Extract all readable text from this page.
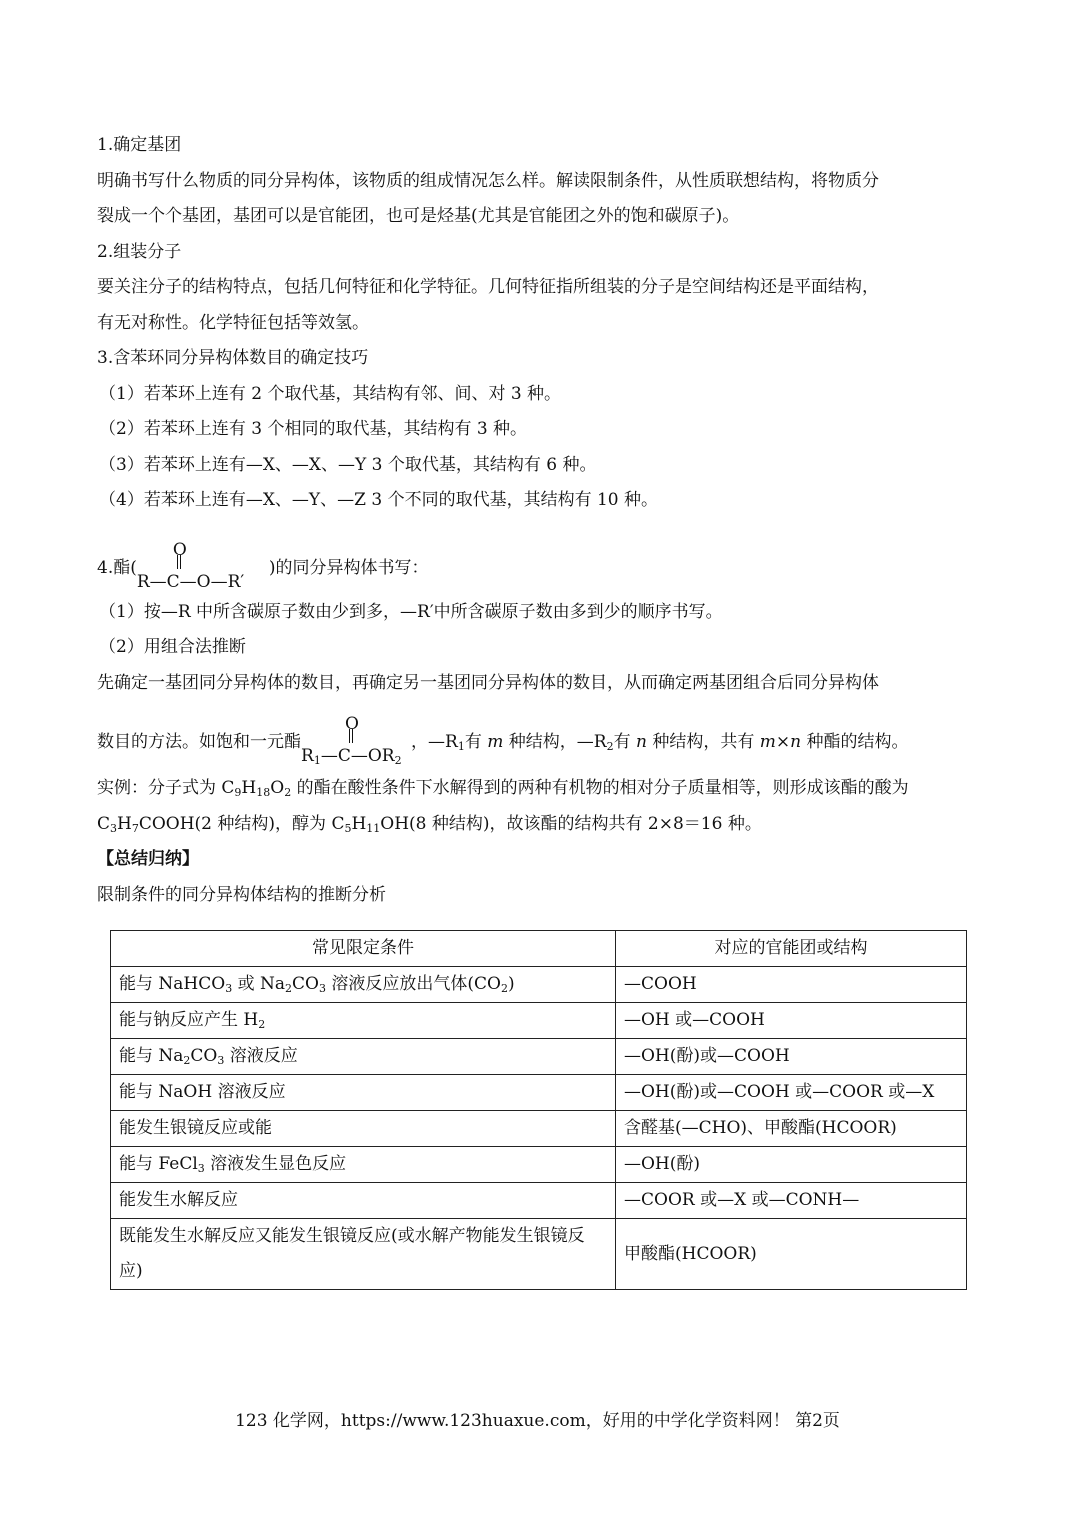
1.确定基团

明确书写什么物质的同分异构体，该物质的组成情况怎么样。解读限制条件，从性质联想结构，将物质分

裂成一个个基团，基团可以是官能团，也可是烃基(尤其是官能团之外的饱和碳原子)。

2.组装分子

要关注分子的结构特点，包括几何特征和化学特征。几何特征指所组装的分子是空间结构还是平面结构，

有无对称性。化学特征包括等效氢。

3.含苯环同分异构体数目的确定技巧

（1）若苯环上连有 2 个取代基，其结构有邻、间、对 3 种。

（2）若苯环上连有 3 个相同的取代基，其结构有 3 种。

（3）若苯环上连有—X、—X、—Y 3 个取代基，其结构有 6 种。

（4）若苯环上连有—X、—Y、—Z 3 个不同的取代基，其结构有 10 种。

4.酯(
O
R—C—O—R′
)的同分异构体书写：

（1）按—R 中所含碳原子数由少到多，—R′中所含碳原子数由多到少的顺序书写。

（2）用组合法推断

先确定一基团同分异构体的数目，再确定另一基团同分异构体的数目，从而确定两基团组合后同分异构体

数目的方法。如饱和一元酯
O
$R_1—C—OR_2$
，$—R_1$有 m 种结构，$—R_2$有 n 种结构，共有 m×n 种酯的结构。

实例：分子式为 $C_9H_{18}O_2$ 的酯在酸性条件下水解得到的两种有机物的相对分子质量相等，则形成该酯的酸为

$C_3H_7COOH(2$ 种结构)，醇为 $C_5H_{11}OH(8$ 种结构)，故该酯的结构共有 2×8＝16 种。

【总结归纳】

限制条件的同分异构体结构的推断分析

常见限定条件	对应的官能团或结构
能与 NaHCO$_3$ 或 $Na_2CO_3$ 溶液反应放出气体$(CO_2)$	—COOH
能与钠反应产生 $H_2$	—OH 或—COOH
能与 $Na_2CO_3$ 溶液反应	—OH(酚)或—COOH
能与 NaOH 溶液反应	—OH(酚)或—COOH 或—COOR 或—X
能发生银镜反应或能	含醛基(—CHO)、甲酸酯(HCOOR)
能与 FeCl$_3$ 溶液发生显色反应	—OH(酚)
能发生水解反应	—COOR 或—X 或—CONH—
既能发生水解反应又能发生银镜反应(或水解产物能发生银镜反应)	甲酸酯(HCOOR)
123 化学网，https://www.123huaxue.com，好用的中学化学资料网！ 第2页
